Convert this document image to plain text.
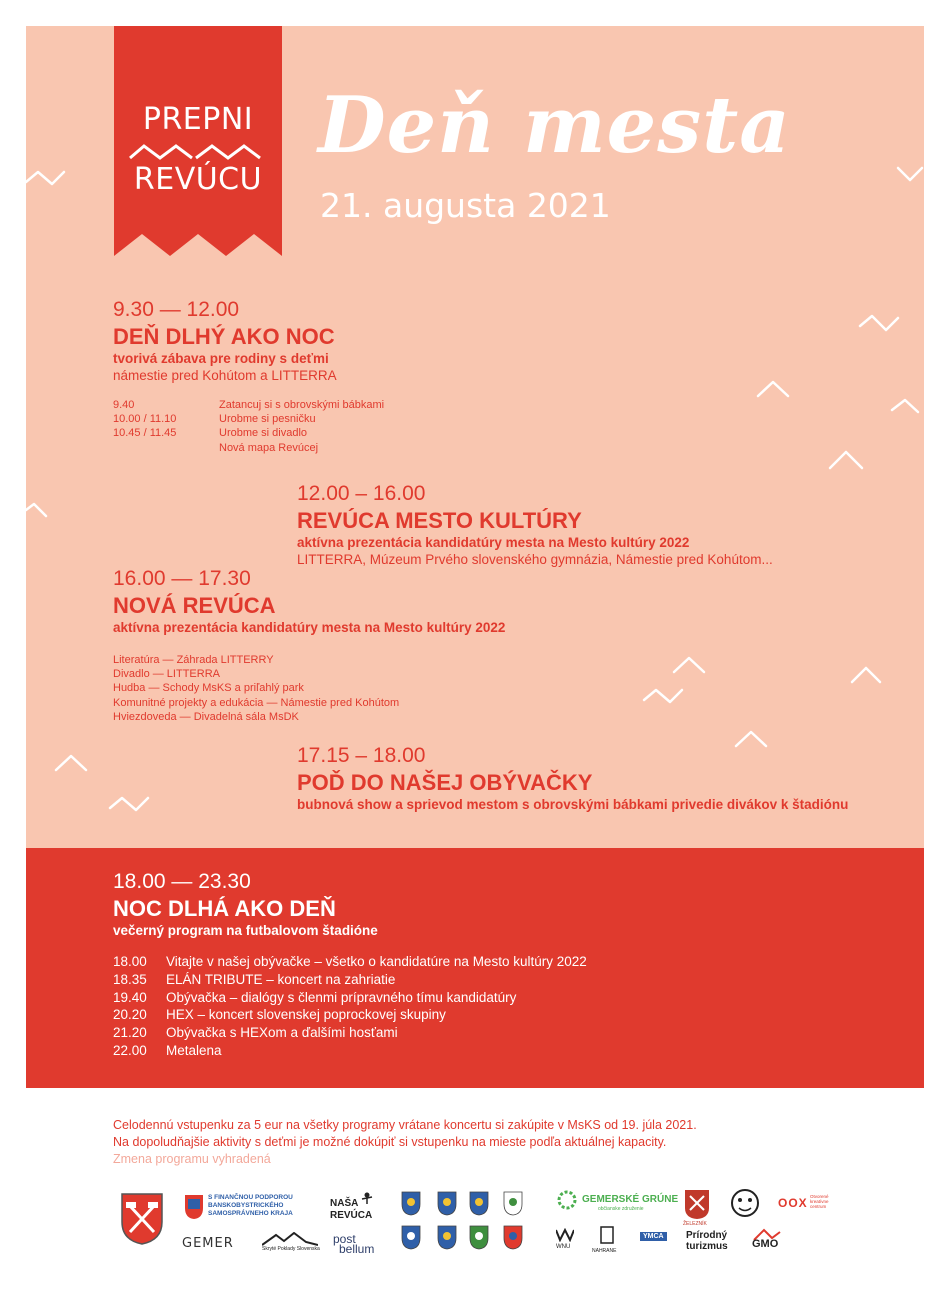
PREPNI
REVÚCU
Deň mesta
21. augusta 2021
9.30 — 12.00
DEŇ DLHÝ AKO NOC
tvorivá zábava pre rodiny s deťmi
námestie pred Kohútom a LITTERRA
9.40	Zatancuj si s obrovskými bábkami
10.00 / 11.10	Urobme si pesničku
10.45 / 11.45	Urobme si divadlo
	Nová mapa Revúcej
12.00 – 16.00
REVÚCA MESTO KULTÚRY
aktívna prezentácia kandidatúry mesta na Mesto kultúry 2022
LITTERRA, Múzeum Prvého slovenského gymnázia, Námestie pred Kohútom...
16.00 — 17.30
NOVÁ REVÚCA
aktívna prezentácia kandidatúry mesta na Mesto kultúry 2022
Literatúra — Záhrada LITTERRY
Divadlo — LITTERRA
Hudba — Schody MsKS a priľahlý park
Komunitné projekty a edukácia — Námestie pred Kohútom
Hviezdoveda — Divadelná sála MsDK
17.15 – 18.00
POĎ DO NAŠEJ OBÝVAČKY
bubnová show a sprievod mestom s obrovskými bábkami privedie divákov k štadiónu
18.00 — 23.30
NOC DLHÁ AKO DEŇ
večerný program na futbalovom štadióne
18.00	Vitajte v našej obývačke – všetko o kandidatúre na Mesto kultúry 2022
18.35	ELÁN TRIBUTE – koncert na zahriatie
19.40	Obývačka – dialógy s členmi prípravného tímu kandidatúry
20.20	HEX – koncert slovenskej poprockovej skupiny
21.20	Obývačka s HEXom a ďalšími hosťami
22.00	Metalena
Celodennú vstupenku za 5 eur na všetky programy vrátane koncertu si zakúpite v MsKS od 19. júla 2021.
Na dopoludňajšie aktivity s deťmi je možné dokúpiť si vstupenku na mieste podľa aktuálnej kapacity.
Zmena programu vyhradená
S FINANČNOU PODPOROU
BANSKOBYSTRICKÉHO
SAMOSPRÁVNEHO KRAJA
GEMER	Skryté Poklady Slovenska
NAŠA
REVÚCA
post
bellum
GEMERSKÉ GRÚNE
občianske združenie
ŽELEZNÍK
OOX Otvorené
kreatívne
centrum
WNU
NAHRANE
YMCA	Prírodný
turizmus GMO
